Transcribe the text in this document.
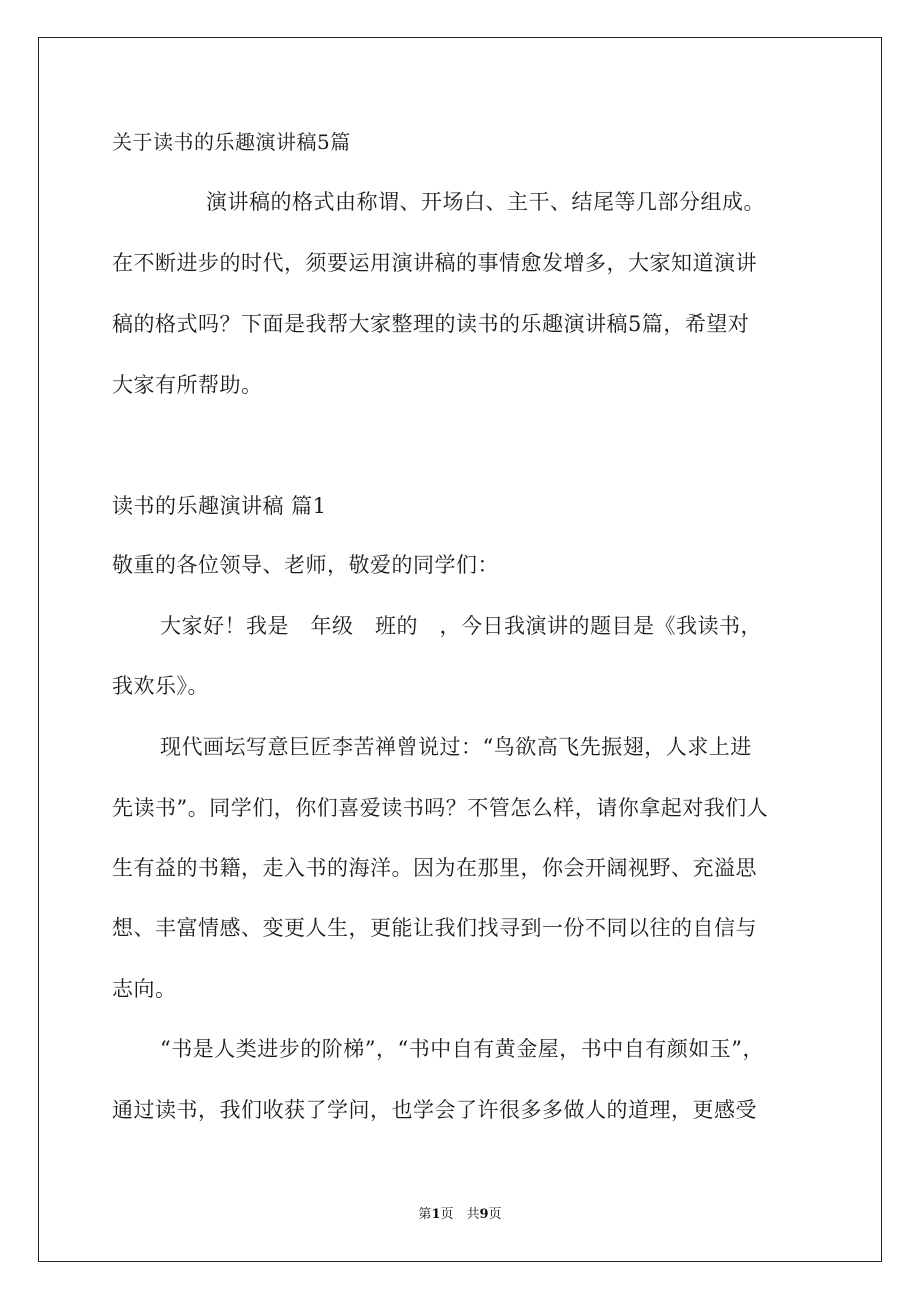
关于读书的乐趣演讲稿5篇
演讲稿的格式由称谓、开场白、主干、结尾等几部分组成。
在不断进步的时代，须要运用演讲稿的事情愈发增多，大家知道演讲
稿的格式吗？下面是我帮大家整理的读书的乐趣演讲稿5篇，希望对
大家有所帮助。
读书的乐趣演讲稿 篇1
敬重的各位领导、老师，敬爱的同学们：
大家好！我是　年级　班的　，今日我演讲的题目是《我读书，
我欢乐》。
现代画坛写意巨匠李苦禅曾说过：“鸟欲高飞先振翅，人求上进
先读书”。同学们，你们喜爱读书吗？不管怎么样，请你拿起对我们人
生有益的书籍，走入书的海洋。因为在那里，你会开阔视野、充溢思
想、丰富情感、变更人生，更能让我们找寻到一份不同以往的自信与
志向。
“书是人类进步的阶梯”，“书中自有黄金屋，书中自有颜如玉”，
通过读书，我们收获了学问，也学会了许很多多做人的道理，更感受
第1页　共9页
